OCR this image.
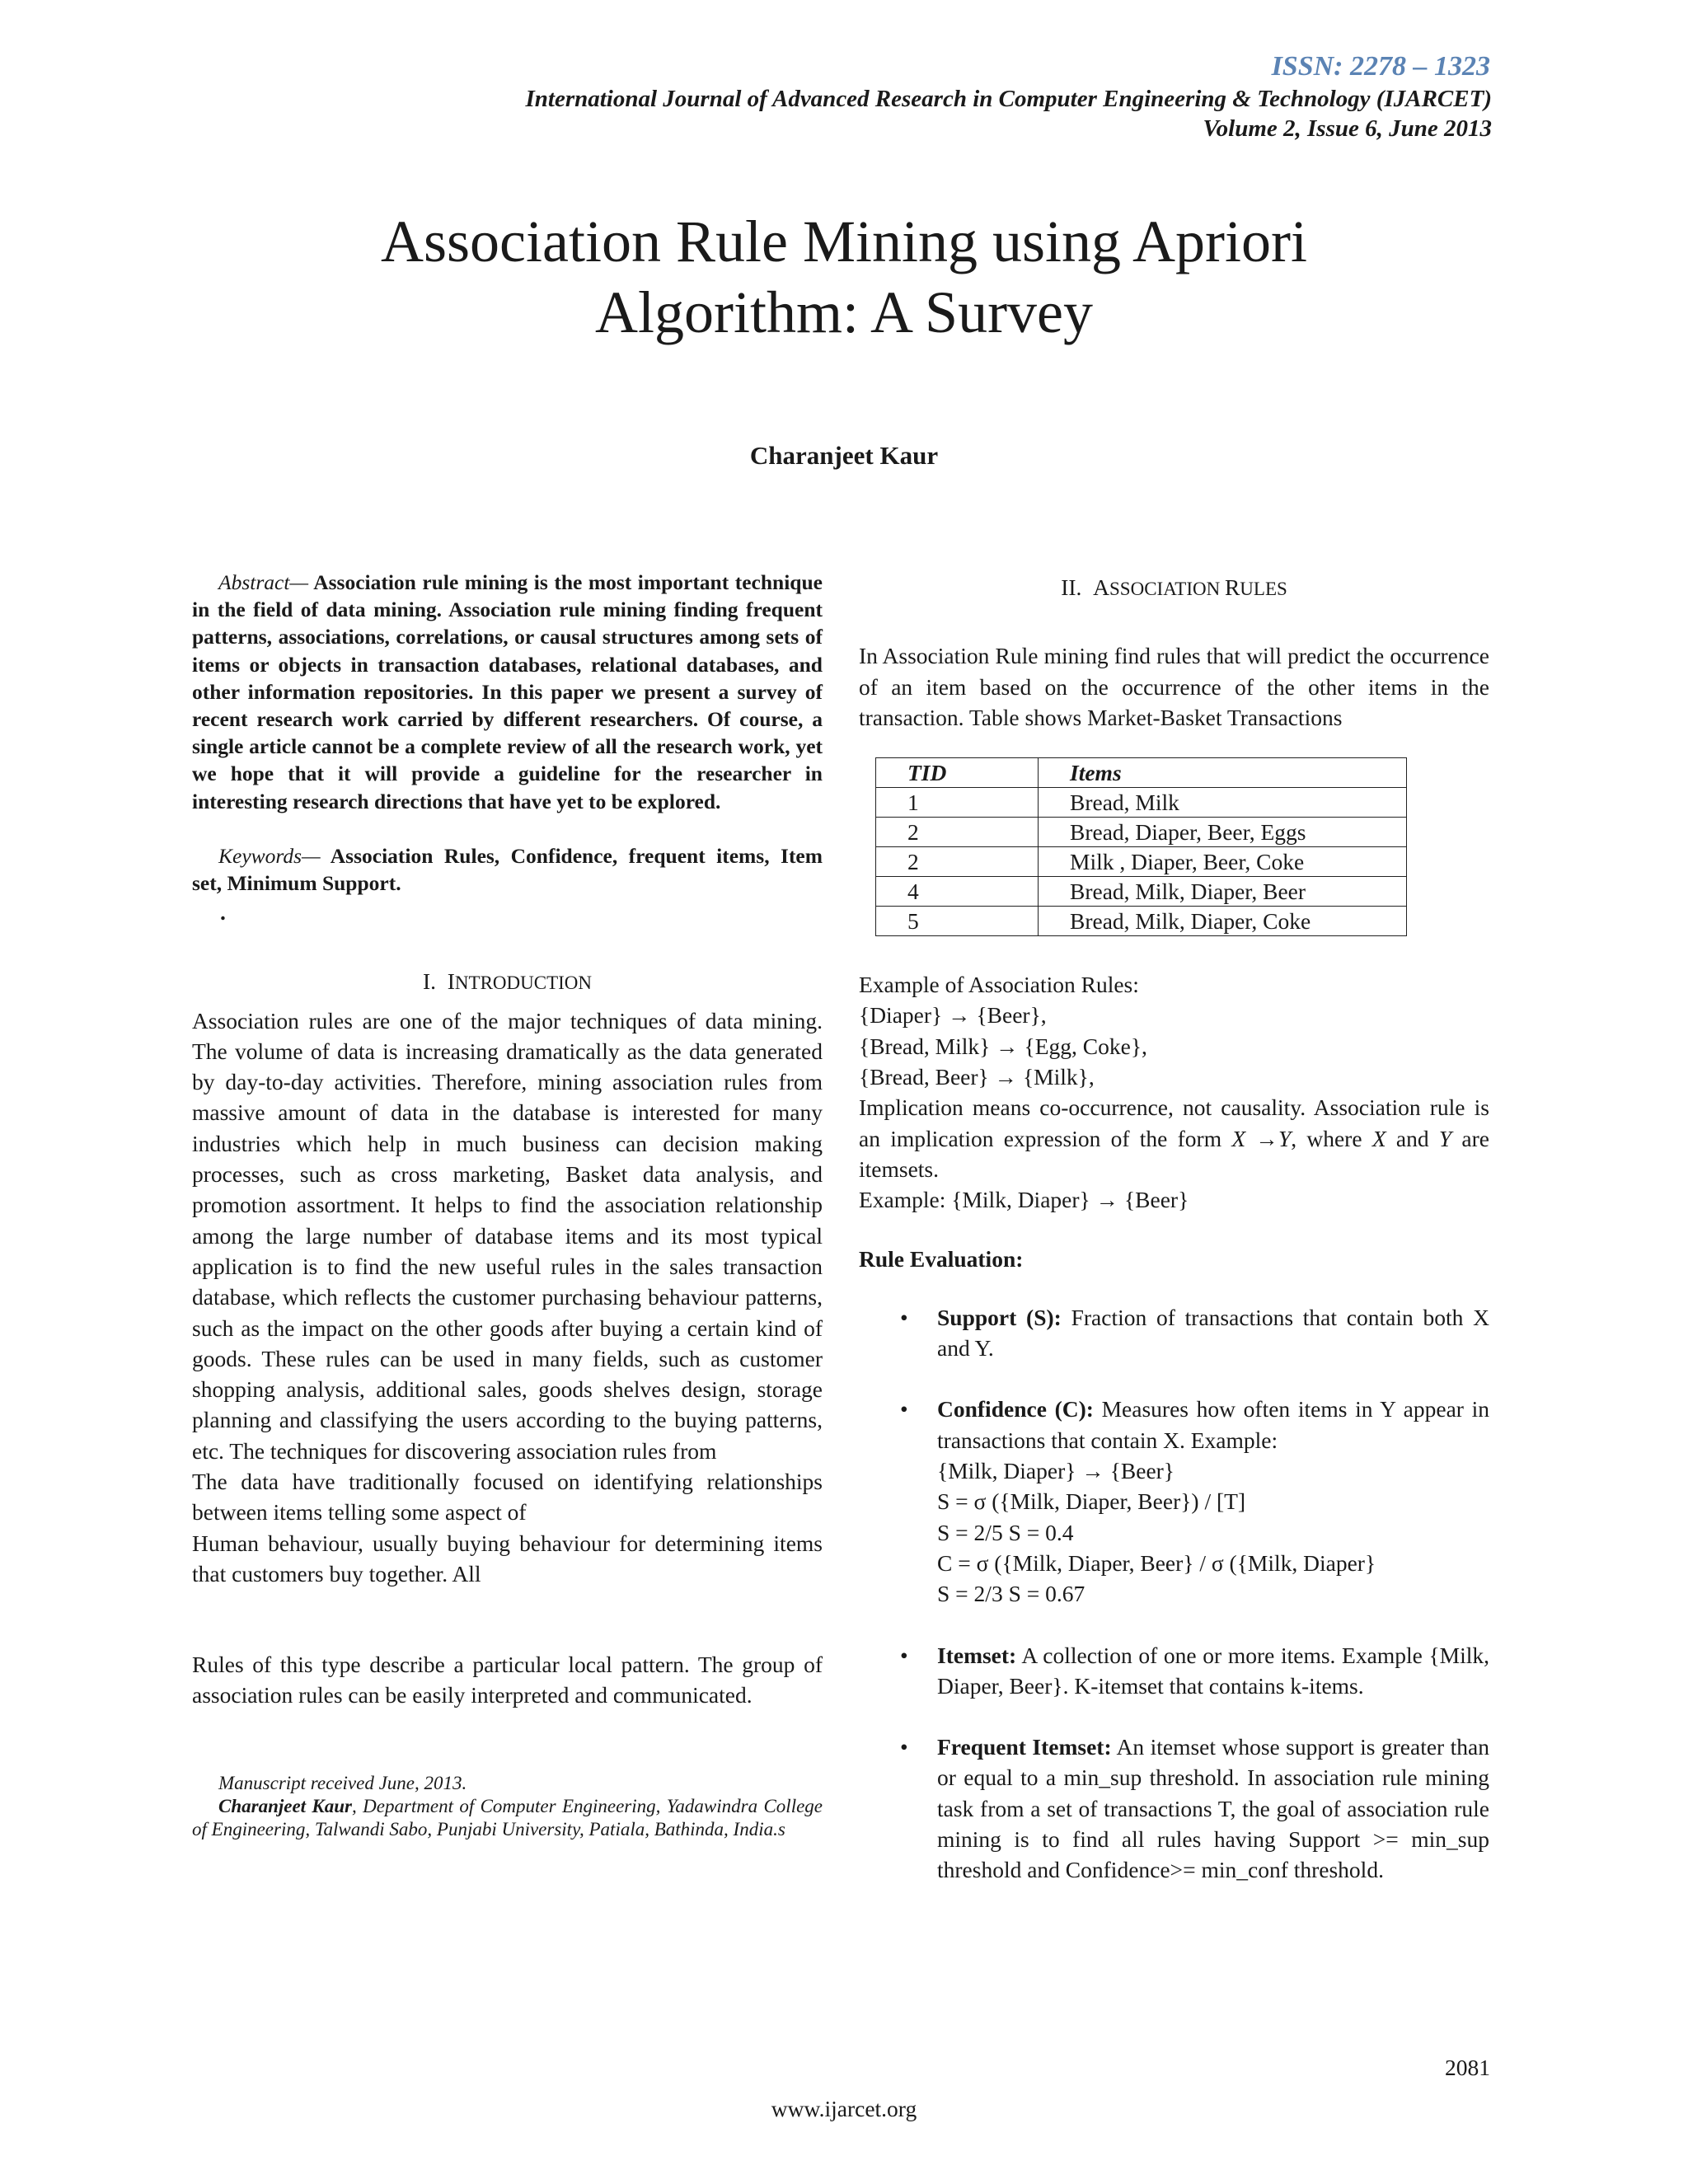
ISSN: 2278 – 1323
International Journal of Advanced Research in Computer Engineering & Technology (IJARCET)
Volume 2, Issue 6, June 2013
Association Rule Mining using Apriori
Algorithm: A Survey
Charanjeet Kaur

Abstract— Association rule mining is the most important technique in the field of data mining. Association rule mining finding frequent patterns, associations, correlations, or causal structures among sets of items or objects in transaction databases, relational databases, and other information repositories. In this paper we present a survey of recent research work carried by different researchers. Of course, a single article cannot be a complete review of all the research work, yet we hope that it will provide a guideline for the researcher in interesting research directions that have yet to be explored.

Keywords— Association Rules, Confidence, frequent items, Item set, Minimum Support.

.

I. INTRODUCTION

Association rules are one of the major techniques of data mining. The volume of data is increasing dramatically as the data generated by day-to-day activities. Therefore, mining association rules from massive amount of data in the database is interested for many industries which help in much business can decision making processes, such as cross marketing, Basket data analysis, and promotion assortment. It helps to find the association relationship among the large number of database items and its most typical application is to find the new useful rules in the sales transaction database, which reflects the customer purchasing behaviour patterns, such as the impact on the other goods after buying a certain kind of goods. These rules can be used in many fields, such as customer shopping analysis, additional sales, goods shelves design, storage planning and classifying the users according to the buying patterns, etc. The techniques for discovering association rules from

The data have traditionally focused on identifying relationships between items telling some aspect of

Human behaviour, usually buying behaviour for determining items that customers buy together. All

Rules of this type describe a particular local pattern. The group of association rules can be easily interpreted and communicated.

Manuscript received June, 2013.
Charanjeet Kaur, Department of Computer Engineering, Yadawindra College of Engineering, Talwandi Sabo, Punjabi University, Patiala, Bathinda, India.s

II. ASSOCIATION RULES

In Association Rule mining find rules that will predict the occurrence of an item based on the occurrence of the other items in the transaction. Table shows Market-Basket Transactions

TID	Items
1	Bread, Milk
2	Bread, Diaper, Beer, Eggs
2	Milk , Diaper, Beer, Coke
4	Bread, Milk, Diaper, Beer
5	Bread, Milk, Diaper, Coke

Example of Association Rules:

{Diaper} → {Beer},

{Bread, Milk} → {Egg, Coke},

{Bread, Beer} → {Milk},

Implication means co-occurrence, not causality. Association rule is an implication expression of the form X →Y, where X and Y are itemsets.

Example: {Milk, Diaper} → {Beer}

Rule Evaluation:

• Support (S): Fraction of transactions that contain both X and Y.
• Confidence (C): Measures how often items in Y appear in transactions that contain X. Example:
{Milk, Diaper} → {Beer}
S = σ ({Milk, Diaper, Beer}) / [T]
S = 2/5 S = 0.4
C = σ ({Milk, Diaper, Beer} / σ ({Milk, Diaper}
S = 2/3 S = 0.67
• Itemset: A collection of one or more items. Example {Milk, Diaper, Beer}. K-itemset that contains k-items.
• Frequent Itemset: An itemset whose support is greater than or equal to a min_sup threshold. In association rule mining task from a set of transactions T, the goal of association rule mining is to find all rules having Support >= min_sup threshold and Confidence>= min_conf threshold.
2081
www.ijarcet.org
